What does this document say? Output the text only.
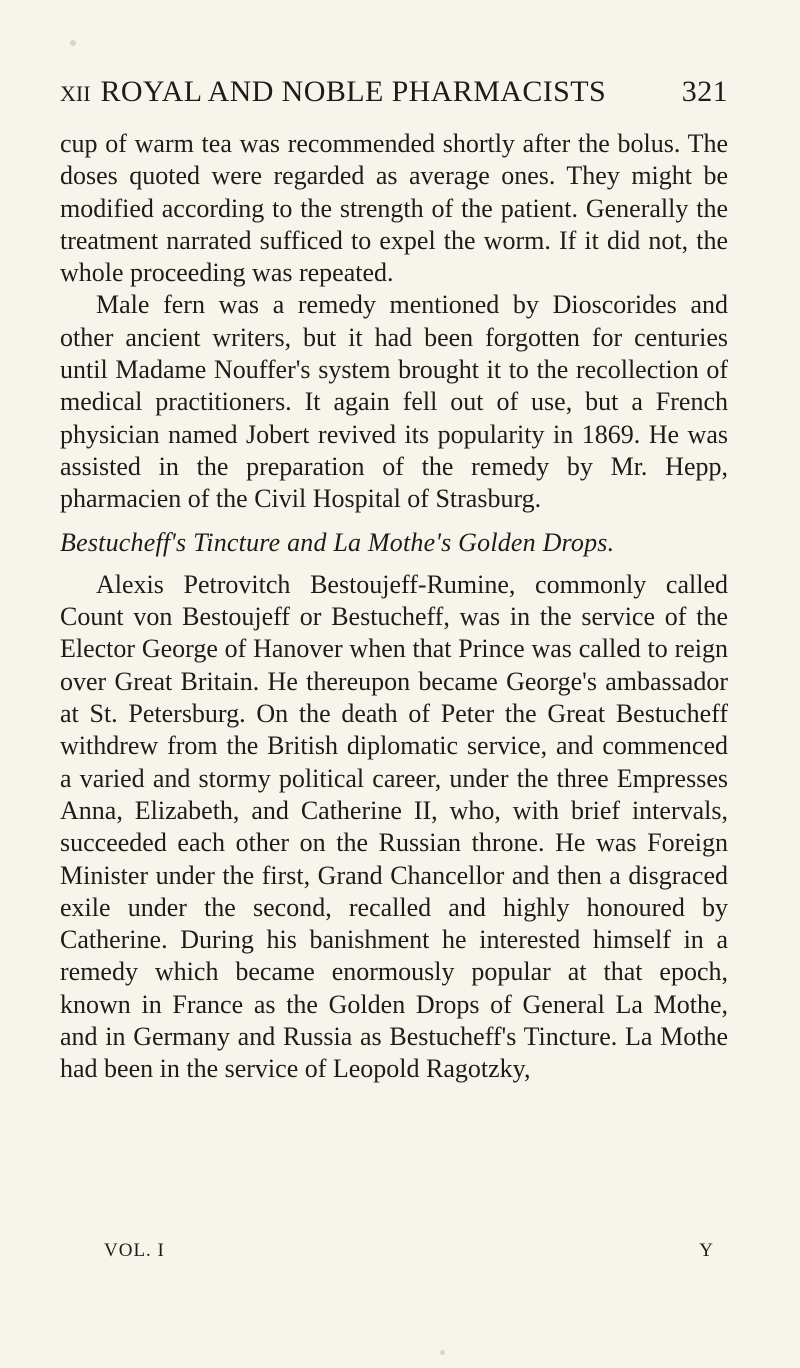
XII ROYAL AND NOBLE PHARMACISTS	321

cup of warm tea was recommended shortly after the bolus. The doses quoted were regarded as average ones. They might be modified according to the strength of the patient. Generally the treatment narrated sufficed to expel the worm. If it did not, the whole proceeding was repeated.

Male fern was a remedy mentioned by Dioscorides and other ancient writers, but it had been forgotten for centuries until Madame Nouffer's system brought it to the recollection of medical practitioners. It again fell out of use, but a French physician named Jobert revived its popularity in 1869. He was assisted in the preparation of the remedy by Mr. Hepp, pharmacien of the Civil Hospital of Strasburg.

Bestucheff's Tincture and La Mothe's Golden Drops.

Alexis Petrovitch Bestoujeff-Rumine, commonly called Count von Bestoujeff or Bestucheff, was in the service of the Elector George of Hanover when that Prince was called to reign over Great Britain. He thereupon became George's ambassador at St. Petersburg. On the death of Peter the Great Bestucheff withdrew from the British diplomatic service, and commenced a varied and stormy political career, under the three Empresses Anna, Elizabeth, and Catherine II, who, with brief intervals, succeeded each other on the Russian throne. He was Foreign Minister under the first, Grand Chancellor and then a disgraced exile under the second, recalled and highly honoured by Catherine. During his banishment he interested himself in a remedy which became enormously popular at that epoch, known in France as the Golden Drops of General La Mothe, and in Germany and Russia as Bestucheff's Tincture. La Mothe had been in the service of Leopold Ragotzky,

VOL. I	Y
